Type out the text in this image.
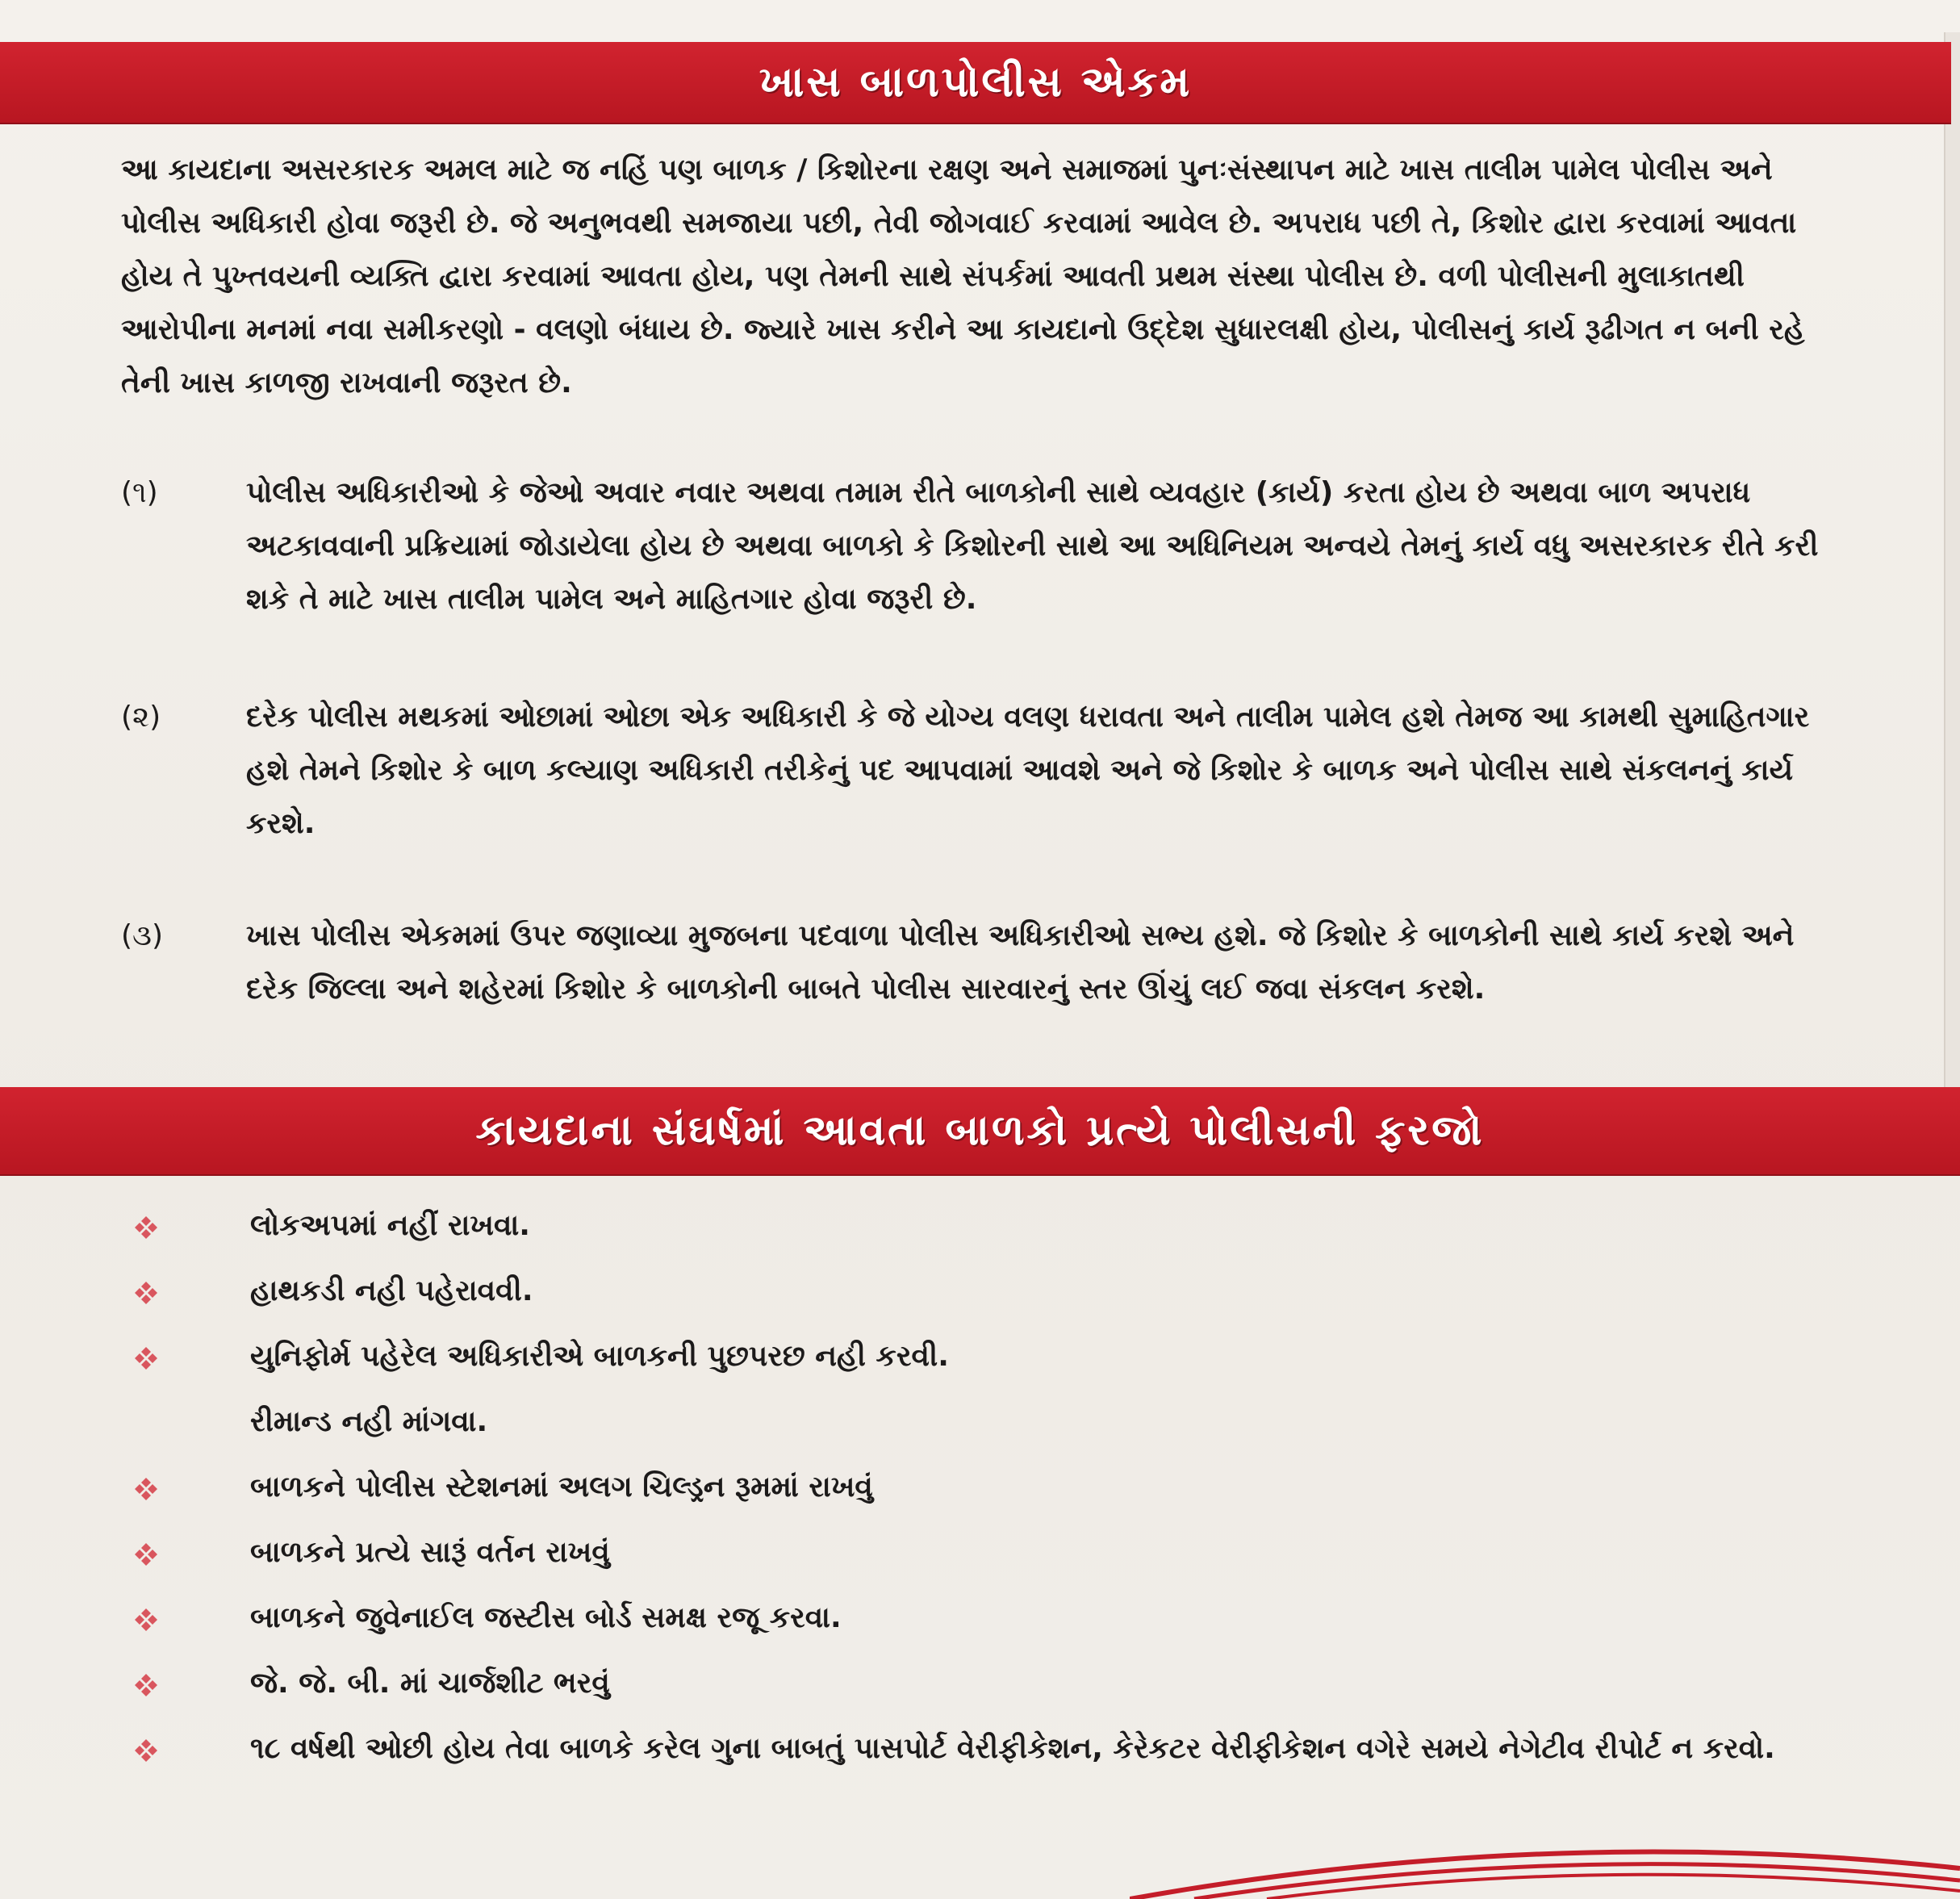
ખાસ બાળપોલીસ એકમ

આ કાયદાના અસરકારક અમલ માટે જ નહિં પણ બાળક / કિશોરના રક્ષણ અને સમાજમાં પુનઃસંસ્થાપન માટે ખાસ તાલીમ પામેલ પોલીસ અને પોલીસ અધિકારી હોવા જરૂરી છે. જે અનુભવથી સમજાયા પછી, તેવી જોગવાઈ કરવામાં આવેલ છે. અપરાધ પછી તે, કિશોર દ્વારા કરવામાં આવતા હોય તે પુખ્તવયની વ્યક્તિ દ્વારા કરવામાં આવતા હોય, પણ તેમની સાથે સંપર્કમાં આવતી પ્રથમ સંસ્થા પોલીસ છે. વળી પોલીસની મુલાકાતથી આરોપીના મનમાં નવા સમીકરણો - વલણો બંધાય છે. જ્યારે ખાસ કરીને આ કાયદાનો ઉદ્દેશ સુધારલક્ષી હોય, પોલીસનું કાર્ય રૂઢીગત ન બની રહે તેની ખાસ કાળજી રાખવાની જરૂરત છે.

(૧)	પોલીસ અધિકારીઓ કે જેઓ અવાર નવાર અથવા તમામ રીતે બાળકોની સાથે વ્યવહાર (કાર્ય) કરતા હોય છે અથવા બાળ અપરાધ અટકાવવાની પ્રક્રિયામાં જોડાયેલા હોય છે અથવા બાળકો કે કિશોરની સાથે આ અધિનિયમ અન્વયે તેમનું કાર્ય વધુ અસરકારક રીતે કરી શકે તે માટે ખાસ તાલીમ પામેલ અને માહિતગાર હોવા જરૂરી છે.

(૨)	દરેક પોલીસ મથકમાં ઓછામાં ઓછા એક અધિકારી કે જે યોગ્ય વલણ ધરાવતા અને તાલીમ પામેલ હશે તેમજ આ કામથી સુમાહિતગાર હશે તેમને કિશોર કે બાળ કલ્યાણ અધિકારી તરીકેનું પદ આપવામાં આવશે અને જે કિશોર કે બાળક અને પોલીસ સાથે સંકલનનું કાર્ય કરશે.

(૩)	ખાસ પોલીસ એકમમાં ઉપર જણાવ્યા મુજબના પદવાળા પોલીસ અધિકારીઓ સભ્ય હશે. જે કિશોર કે બાળકોની સાથે કાર્ય કરશે અને દરેક જિલ્લા અને શહેરમાં કિશોર કે બાળકોની બાબતે પોલીસ સારવારનું સ્તર ઊંચું લઈ જવા સંકલન કરશે.

કાયદાના સંઘર્ષમાં આવતા બાળકો પ્રત્યે પોલીસની ફરજો
લોકઅપમાં નહીં રાખવા.
હાથકડી નહી પહેરાવવી.
યુનિફોર્મ પહેરેલ અધિકારીએ બાળકની પુછપરછ નહી કરવી.
રીમાન્ડ નહી માંગવા.
બાળકને પોલીસ સ્ટેશનમાં અલગ ચિલ્ડ્રન રૂમમાં રાખવું
બાળકને પ્રત્યે સારૂં વર્તન રાખવું
બાળકને જુવેનાઈલ જસ્ટીસ બોર્ડ સમક્ષ રજૂ કરવા.
જે. જે. બી. માં ચાર્જશીટ ભરવું
૧૮ વર્ષથી ઓછી હોય તેવા બાળકે કરેલ ગુના બાબતું પાસપોર્ટ વેરીફીકેશન, કેરેકટર વેરીફીકેશન વગેરે સમયે નેગેટીવ રીપોર્ટ ન કરવો.
